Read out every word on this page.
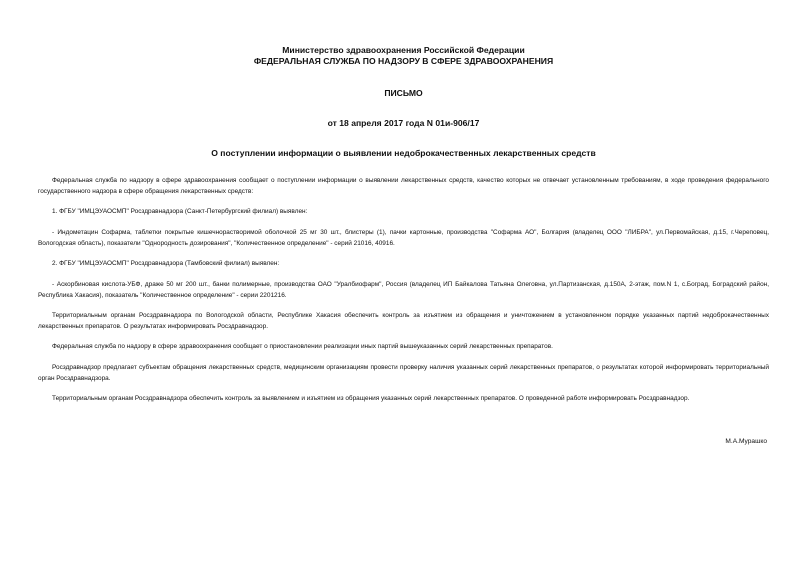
Министерство здравоохранения Российской Федерации
ФЕДЕРАЛЬНАЯ СЛУЖБА ПО НАДЗОРУ В СФЕРЕ ЗДРАВООХРАНЕНИЯ
ПИСЬМО
от 18 апреля 2017 года N 01и-906/17
О поступлении информации о выявлении недоброкачественных лекарственных средств

Федеральная служба по надзору в сфере здравоохранения сообщает о поступлении информации о выявлении лекарственных средств, качество которых не отвечает установленным требованиям, в ходе проведения федерального государственного надзора в сфере обращения лекарственных средств:

1. ФГБУ "ИМЦЭУАОСМП" Росздравнадзора (Санкт-Петербургский филиал) выявлен:

- Индометацин Софарма, таблетки покрытые кишечнорастворимой оболочкой 25 мг 30 шт., блистеры (1), пачки картонные, производства "Софарма АО", Болгария (владелец ООО "ЛИБРА", ул.Первомайская, д.15, г.Череповец, Вологодская область), показатели "Однородность дозирования", "Количественное определение" - серий 21016, 40916.

2. ФГБУ "ИМЦЭУАОСМП" Росздравнадзора (Тамбовский филиал) выявлен:

- Аскорбиновая кислота-УБФ, драже 50 мг 200 шт., банки полимерные, производства ОАО "Уралбиофарм", Россия (владелец ИП Байкалова Татьяна Олеговна, ул.Партизанская, д.150А, 2-этаж, пом.N 1, с.Боград, Боградский район, Республика Хакасия), показатель "Количественное определение" - серии 2201216.

Территориальным органам Росздравнадзора по Вологодской области, Республике Хакасия обеспечить контроль за изъятием из обращения и уничтожением в установленном порядке указанных партий недоброкачественных лекарственных препаратов. О результатах информировать Росздравнадзор.

Федеральная служба по надзору в сфере здравоохранения сообщает о приостановлении реализации иных партий вышеуказанных серий лекарственных препаратов.

Росздравнадзор предлагает субъектам обращения лекарственных средств, медицинским организациям провести проверку наличия указанных серий лекарственных препаратов, о результатах которой информировать территориальный орган Росздравнадзора.

Территориальным органам Росздравнадзора обеспечить контроль за выявлением и изъятием из обращения указанных серий лекарственных препаратов. О проведенной работе информировать Росздравнадзор.

М.А.Мурашко
